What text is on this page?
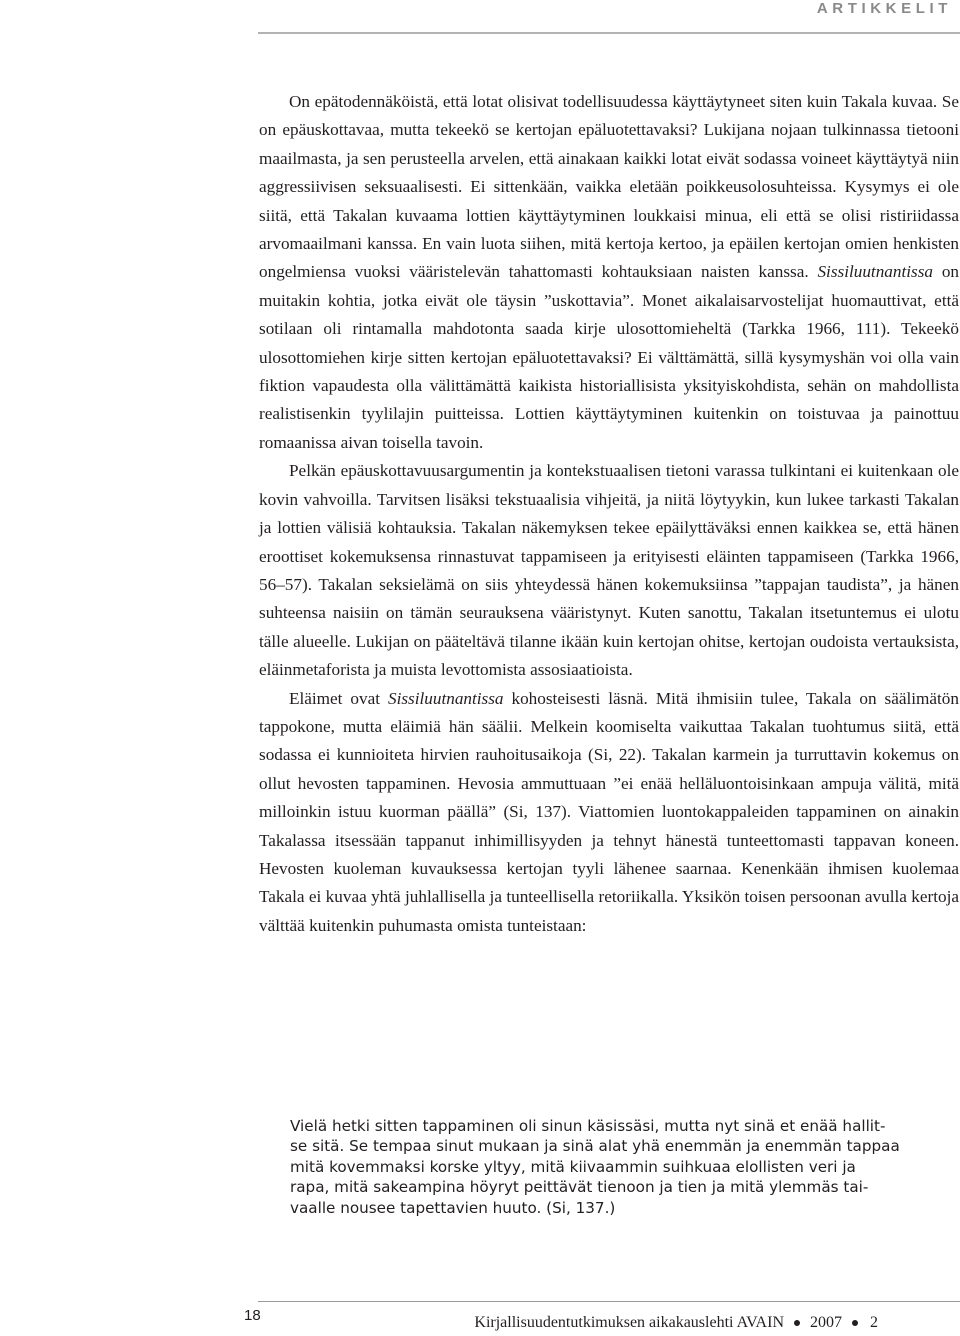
ARTIKKELIT

On epätodennäköistä, että lotat olisivat todellisuudessa käyttäytyneet siten kuin Takala kuvaa. Se on epäuskottavaa, mutta tekeekö se kertojan epäluotettavaksi? Lukijana nojaan tulkinnassa tietooni maailmasta, ja sen perusteella arvelen, että ainakaan kaikki lotat eivät sodassa voineet käyttäytyä niin aggressiivisen seksuaalisesti. Ei sittenkään, vaikka eletään poikkeusolosuhteissa. Kysymys ei ole siitä, että Takalan kuvaama lottien käyttäytyminen loukkaisi minua, eli että se olisi ristiriidassa arvomaailmani kanssa. En vain luota siihen, mitä kertoja kertoo, ja epäilen kertojan omien henkisten ongelmiensa vuoksi vääristelevän tahattomasti kohtauksiaan naisten kanssa. Sissiluutnantissa on muitakin kohtia, jotka eivät ole täysin ”uskottavia”. Monet aikalaisarvostelijat huomauttivat, että sotilaan oli rintamalla mahdotonta saada kirje ulosottomieheltä (Tarkka 1966, 111). Tekeekö ulosottomiehen kirje sitten kertojan epäluotettavaksi? Ei välttämättä, sillä kysymyshän voi olla vain fiktion vapaudesta olla välittämättä kaikista historiallisista yksityiskohdista, sehän on mahdollista realistisenkin tyylilajin puitteissa. Lottien käyttäytyminen kuitenkin on toistuvaa ja painottuu romaanissa aivan toisella tavoin.

Pelkän epäuskottavuusargumentin ja kontekstuaalisen tietoni varassa tulkintani ei kuitenkaan ole kovin vahvoilla. Tarvitsen lisäksi tekstuaalisia vihjeitä, ja niitä löytyykin, kun lukee tarkasti Takalan ja lottien välisiä kohtauksia. Takalan näkemyksen tekee epäilyttäväksi ennen kaikkea se, että hänen eroottiset kokemuksensa rinnastuvat tappamiseen ja erityisesti eläinten tappamiseen (Tarkka 1966, 56–57). Takalan seksielämä on siis yhteydessä hänen kokemuksiinsa ”tappajan taudista”, ja hänen suhteensa naisiin on tämän seurauksena vääristynyt. Kuten sanottu, Takalan itsetuntemus ei ulotu tälle alueelle. Lukijan on pääteltävä tilanne ikään kuin kertojan ohitse, kertojan oudoista vertauksista, eläinmetaforista ja muista levottomista assosiaatioista.

Eläimet ovat Sissiluutnantissa kohosteisesti läsnä. Mitä ihmisiin tulee, Takala on säälimätön tappokone, mutta eläimiä hän säälii. Melkein koomiselta vaikuttaa Takalan tuohtumus siitä, että sodassa ei kunnioiteta hirvien rauhoitusaikoja (Si, 22). Takalan karmein ja turruttavin kokemus on ollut hevosten tappaminen. Hevosia ammuttuaan ”ei enää helläluontoisinkaan ampuja välitä, mitä milloinkin istuu kuorman päällä” (Si, 137). Viattomien luontokappaleiden tappaminen on ainakin Takalassa itsessään tappanut inhimillisyyden ja tehnyt hänestä tunteettomasti tappavan koneen. Hevosten kuoleman kuvauksessa kertojan tyyli lähenee saarnaa. Kenenkään ihmisen kuolemaa Takala ei kuvaa yhtä juhlallisella ja tunteellisella retoriikalla. Yksikön toisen persoonan avulla kertoja välttää kuitenkin puhumasta omista tunteistaan:

Vielä hetki sitten tappaminen oli sinun käsissäsi, mutta nyt sinä et enää hallit-
se sitä. Se tempaa sinut mukaan ja sinä alat yhä enemmän ja enemmän tappaa
mitä kovemmaksi korske yltyy, mitä kiivaammin suihkuaa elollisten veri ja
rapa, mitä sakeampina höyryt peittävät tienoon ja tien ja mitä ylemmäs tai-
vaalle nousee tapettavien huuto. (Si, 137.)
18	Kirjallisuudentutkimuksen aikakauslehti AVAIN 2007 2
